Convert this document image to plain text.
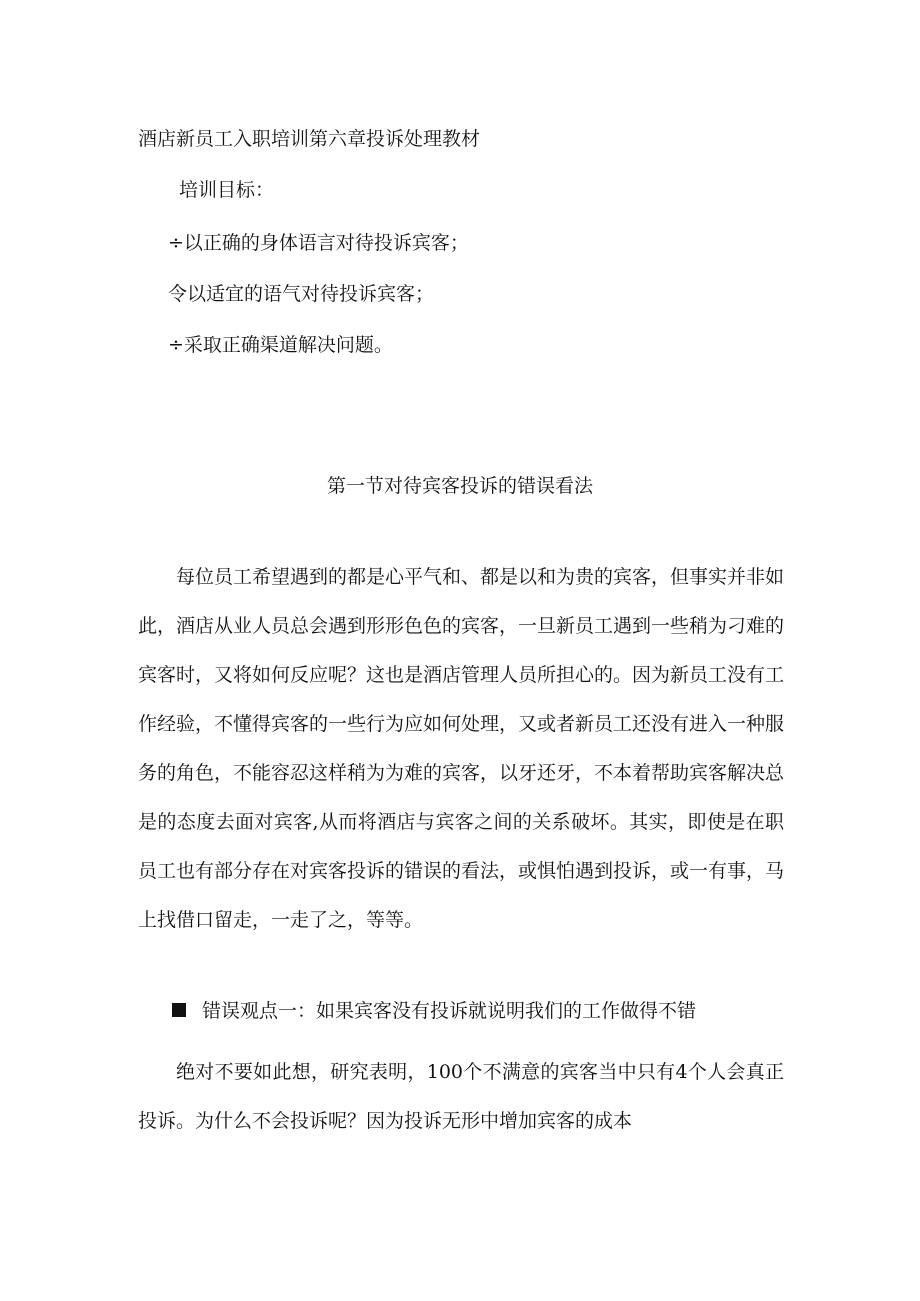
酒店新员工入职培训第六章投诉处理教材
培训目标：
÷以正确的身体语言对待投诉宾客；
令以适宜的语气对待投诉宾客；
÷采取正确渠道解决问题。
第一节对待宾客投诉的错误看法

每位员工希望遇到的都是心平气和、都是以和为贵的宾客，但事实并非如此，酒店从业人员总会遇到形形色色的宾客，一旦新员工遇到一些稍为刁难的宾客时，又将如何反应呢？这也是酒店管理人员所担心的。因为新员工没有工作经验，不懂得宾客的一些行为应如何处理，又或者新员工还没有进入一种服务的角色，不能容忍这样稍为为难的宾客，以牙还牙，不本着帮助宾客解决总是的态度去面对宾客,从而将酒店与宾客之间的关系破坏。其实，即使是在职员工也有部分存在对宾客投诉的错误的看法，或惧怕遇到投诉，或一有事，马上找借口留走，一走了之，等等。

错误观点一：如果宾客没有投诉就说明我们的工作做得不错

绝对不要如此想，研究表明，100个不满意的宾客当中只有4个人会真正投诉。为什么不会投诉呢？因为投诉无形中增加宾客的成本
